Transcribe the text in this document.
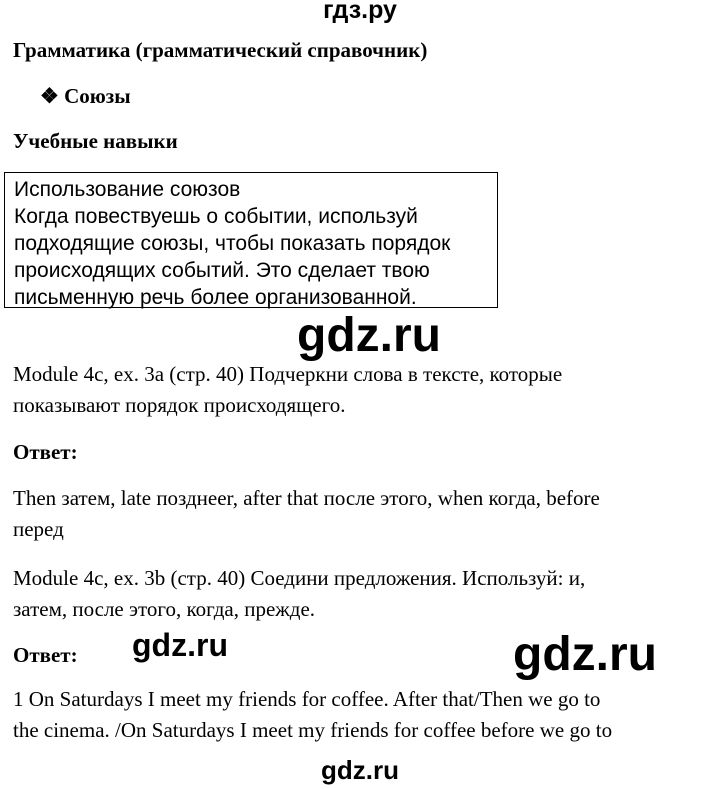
гдз.ру
Грамматика (грамматический справочник)
❖ Союзы
Учебные навыки
Использование союзов
Когда повествуешь о событии, используй
подходящие союзы, чтобы показать порядок
происходящих событий. Это сделает твою
письменную речь более организованной.
gdz.ru
Module 4c, ex. 3a (стр. 40) Подчеркни слова в тексте, которые
показывают порядок происходящего.
Ответ:
Then затем, late позднеer, after that после этого, when когда, before
перед
Module 4c, ex. 3b (стр. 40) Соедини предложения. Используй: и,
затем, после этого, когда, прежде.
Ответ: gdz.ru	gdz.ru
1 On Saturdays I meet my friends for coffee. After that/Then we go to
the cinema. /On Saturdays I meet my friends for coffee before we go to
gdz.ru
